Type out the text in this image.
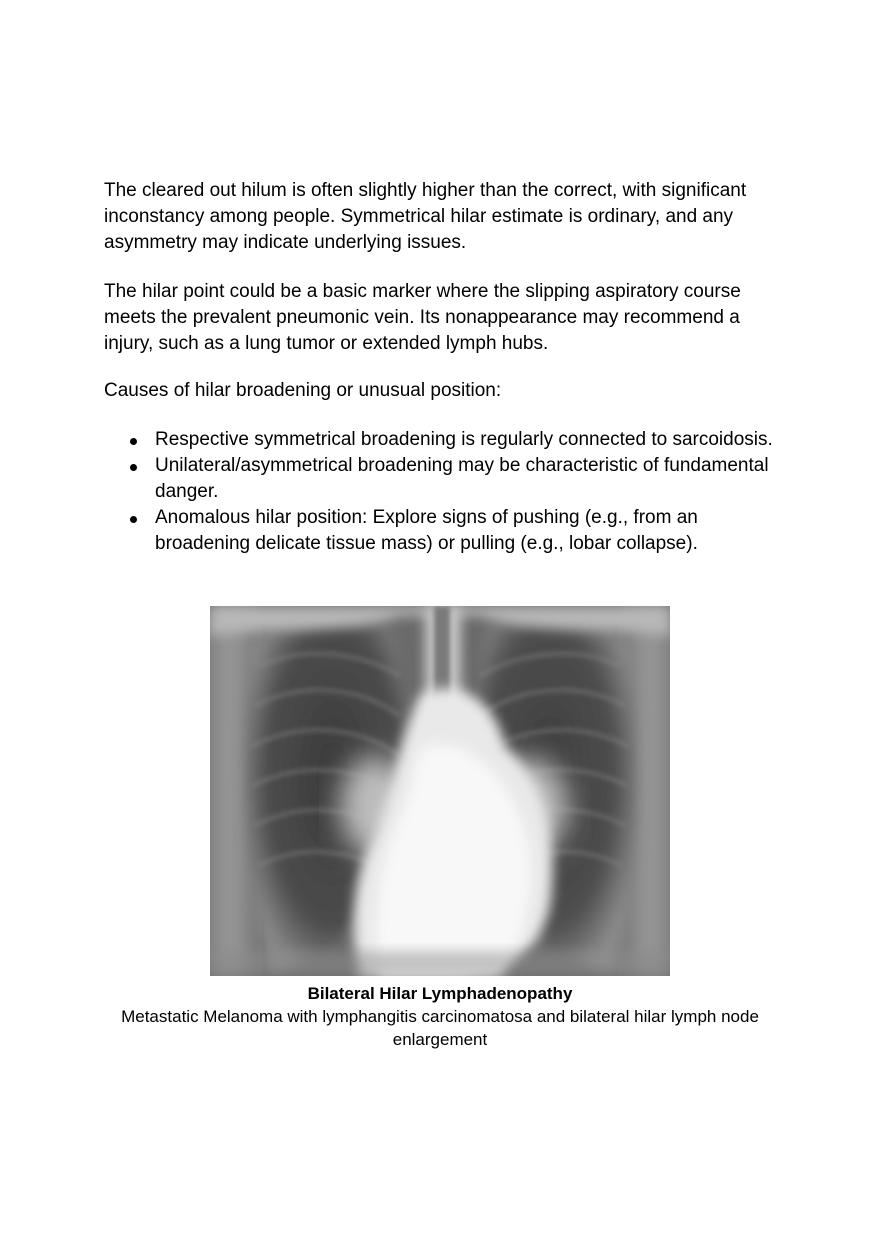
The cleared out hilum is often slightly higher than the correct, with significant inconstancy among people. Symmetrical hilar estimate is ordinary, and any asymmetry may indicate underlying issues.

The hilar point could be a basic marker where the slipping aspiratory course meets the prevalent pneumonic vein. Its nonappearance may recommend a injury, such as a lung tumor or extended lymph hubs.

Causes of hilar broadening or unusual position:

Respective symmetrical broadening is regularly connected to sarcoidosis.
Unilateral/asymmetrical broadening may be characteristic of fundamental danger.
Anomalous hilar position: Explore signs of pushing (e.g., from an broadening delicate tissue mass) or pulling (e.g., lobar collapse).

Bilateral Hilar Lymphadenopathy

Metastatic Melanoma with lymphangitis carcinomatosa and bilateral hilar lymph node enlargement
